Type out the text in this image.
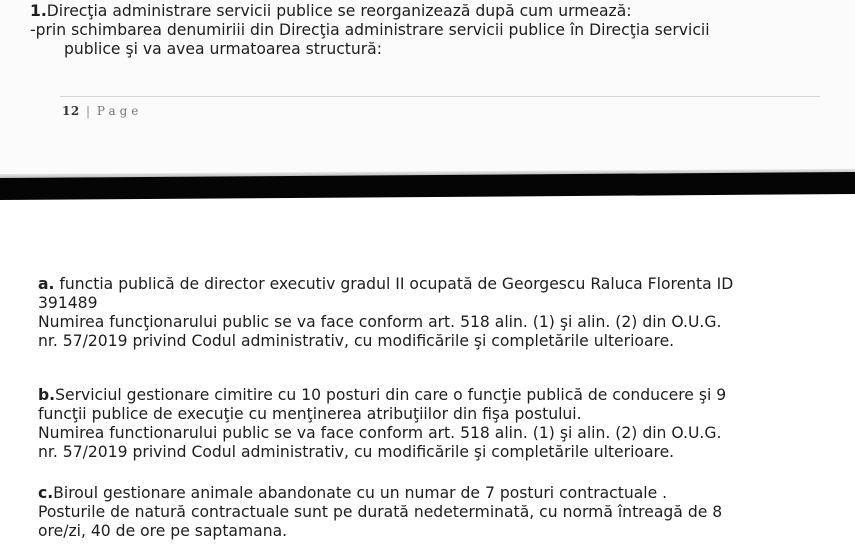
1.Direcţia administrare servicii publice se reorganizează după cum urmează:
-prin schimbarea denumiriii din Direcţia administrare servicii publice în Direcţia servicii
publice şi va avea urmatoarea structură:
12 | Page
a. functia publică de director executiv gradul II ocupată de Georgescu Raluca Florenta ID
391489
Numirea funcţionarului public se va face conform art. 518 alin. (1) şi alin. (2) din O.U.G.
nr. 57/2019 privind Codul administrativ, cu modificările şi completările ulterioare.
b.Serviciul gestionare cimitire cu 10 posturi din care o funcţie publică de conducere şi 9
funcţii publice de execuţie cu menţinerea atribuţiilor din fişa postului.
Numirea functionarului public se va face conform art. 518 alin. (1) şi alin. (2) din O.U.G.
nr. 57/2019 privind Codul administrativ, cu modificările şi completările ulterioare.
c.Biroul gestionare animale abandonate cu un numar de 7 posturi contractuale .
Posturile de natură contractuale sunt pe durată nedeterminată, cu normă întreagă de 8
ore/zi, 40 de ore pe saptamana.
